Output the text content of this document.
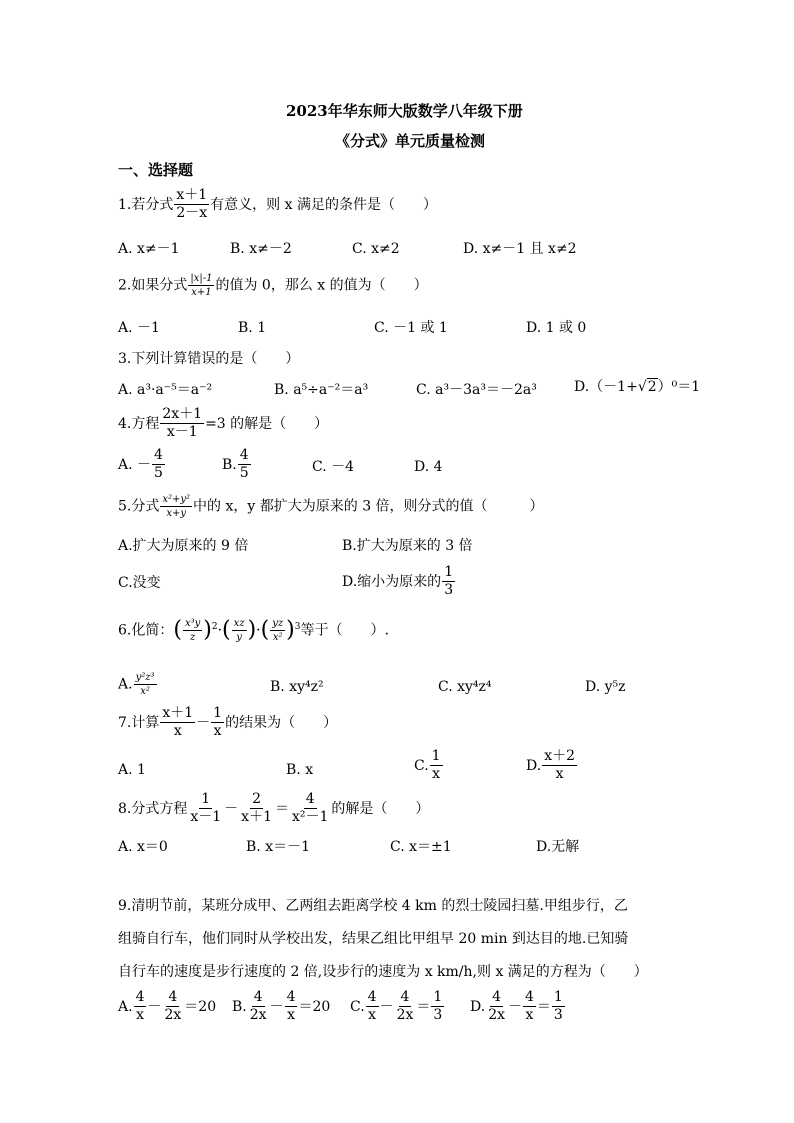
2023年华东师大版数学八年级下册
《分式》单元质量检测
一、选择题
1.若分式 $\frac{x+1}{2-x}$ 有意义，则 x 满足的条件是（　　）
A. x≠－1	B. x≠－2	C. x≠2	D. x≠－1 且 x≠2
2.如果分式 $\frac{|x|-1}{x+1}$ 的值为 0，那么 x 的值为（　　）
A. －1	B. 1	C. －1 或 1	D. 1 或 0
3.下列计算错误的是（　　）
A. a³·a⁻⁵＝a⁻²	B. a⁵÷a⁻²＝a³	C. a³－3a³＝－2a³	D.（－1+√2）⁰＝1
4.方程 $\frac{2x+1}{x-1} =3$ 的解是（　　）
A. － $\frac{4}{5}$	B. $\frac{4}{5}$	C. －4	D. 4
5.分式 $\frac{\text{x²+y²}}{x+y}$ 中的 x，y 都扩大为原来的 3 倍，则分式的值（　　　）
A.扩大为原来的 9 倍	B.扩大为原来的 3 倍
C.没变	D.缩小为原来的 $\frac{1}{3}$
6.化简：( $\frac{\text{x³y}}{z} )^2\cdot( \frac{xz}{y}$ )·( $\frac{yz}{\text{x²}} )^3$等于（　　）.
A. $\frac{\text{y²z³}}{\text{x²}}$	B. xy⁴z²	C. xy⁴z⁴	D. y⁵z
7.计算 $\frac{x+1}{x} - \frac{1}{x}$ 的结果为（　　）
A. 1	B. x	C. $\frac{1}{x}$	D. $\frac{x+2}{x}$
8.分式方程 $\frac{1}{x-1} - \frac{2}{x+1} = \frac{4}{\text{x²－1}}$ 的解是（　　）
A. x＝0	B. x＝－1	C. x＝±1	D.无解
9.清明节前，某班分成甲、乙两组去距离学校 4 km 的烈士陵园扫墓.甲组步行，乙
组骑自行车，他们同时从学校出发，结果乙组比甲组早 20 min 到达目的地.已知骑
自行车的速度是步行速度的 2 倍,设步行的速度为 x km/h,则 x 满足的方程为（　　）
A. $\frac{4}{x} - \frac{4}{2x} =20$ B. $\frac{4}{2x} - \frac{4}{x} =20$ C. $\frac{4}{x} - \frac{4}{2x} = \frac{1}{3} D$. $\frac{4}{2x} - \frac{4}{x} = \frac{1}{3}$
